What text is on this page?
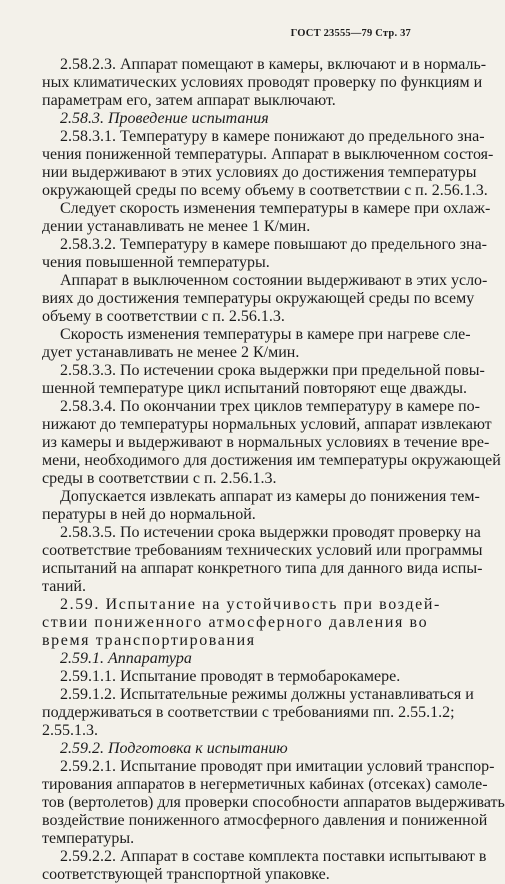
ГОСТ 23555—79 Стр. 37
2.58.2.3. Аппарат помещают в камеры, включают и в нормаль-
ных климатических условиях проводят проверку по функциям и
параметрам его, затем аппарат выключают.
2.58.3. Проведение испытания
2.58.3.1. Температуру в камере понижают до предельного зна-
чения пониженной температуры. Аппарат в выключенном состоя-
нии выдерживают в этих условиях до достижения температуры
окружающей среды по всему объему в соответствии с п. 2.56.1.3.
Следует скорость изменения температуры в камере при охлаж-
дении устанавливать не менее 1 К/мин.
2.58.3.2. Температуру в камере повышают до предельного зна-
чения повышенной температуры.
Аппарат в выключенном состоянии выдерживают в этих усло-
виях до достижения температуры окружающей среды по всему
объему в соответствии с п. 2.56.1.3.
Скорость изменения температуры в камере при нагреве сле-
дует устанавливать не менее 2 К/мин.
2.58.3.3. По истечении срока выдержки при предельной повы-
шенной температуре цикл испытаний повторяют еще дважды.
2.58.3.4. По окончании трех циклов температуру в камере по-
нижают до температуры нормальных условий, аппарат извлекают
из камеры и выдерживают в нормальных условиях в течение вре-
мени, необходимого для достижения им температуры окружающей
среды в соответствии с п. 2.56.1.3.
Допускается извлекать аппарат из камеры до понижения тем-
пературы в ней до нормальной.
2.58.3.5. По истечении срока выдержки проводят проверку на
соответствие требованиям технических условий или программы
испытаний на аппарат конкретного типа для данного вида испы-
таний.
2.59. Испытание на устойчивость при воздей-
ствии пониженного атмосферного давления во
время транспортирования
2.59.1. Аппаратура
2.59.1.1. Испытание проводят в термобарокамере.
2.59.1.2. Испытательные режимы должны устанавливаться и
поддерживаться в соответствии с требованиями пп. 2.55.1.2;
2.55.1.3.
2.59.2. Подготовка к испытанию
2.59.2.1. Испытание проводят при имитации условий транспор-
тирования аппаратов в негерметичных кабинах (отсеках) самоле-
тов (вертолетов) для проверки способности аппаратов выдерживать
воздействие пониженного атмосферного давления и пониженной
температуры.
2.59.2.2. Аппарат в составе комплекта поставки испытывают в
соответствующей транспортной упаковке.
